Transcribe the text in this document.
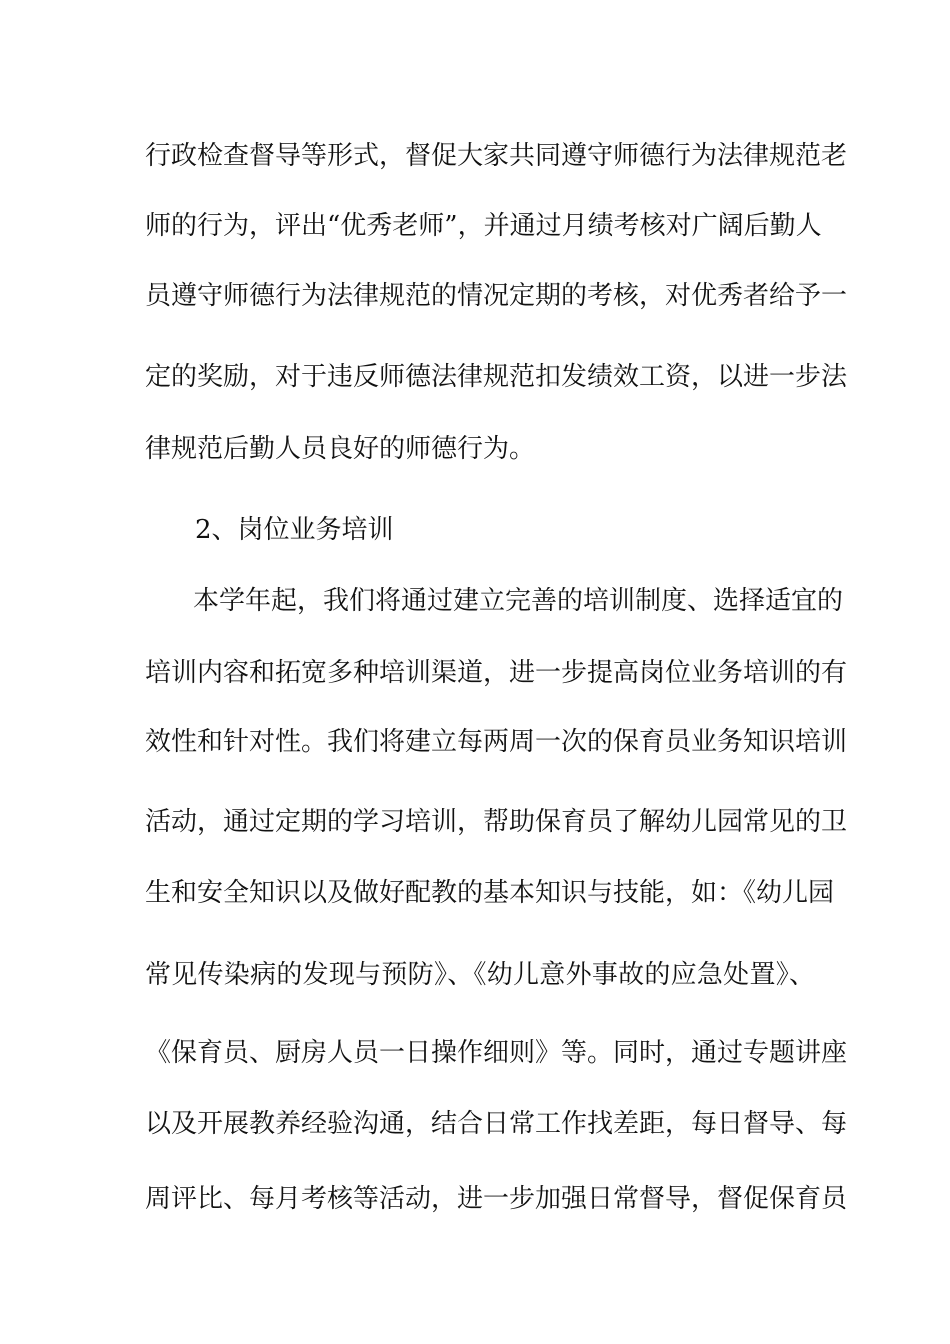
行政检查督导等形式，督促大家共同遵守师德行为法律规范老
师的行为，评出“优秀老师”，并通过月绩考核对广阔后勤人
员遵守师德行为法律规范的情况定期的考核，对优秀者给予一
定的奖励，对于违反师德法律规范扣发绩效工资，以进一步法
律规范后勤人员良好的师德行为。
2、岗位业务培训
本学年起，我们将通过建立完善的培训制度、选择适宜的
培训内容和拓宽多种培训渠道，进一步提高岗位业务培训的有
效性和针对性。我们将建立每两周一次的保育员业务知识培训
活动，通过定期的学习培训，帮助保育员了解幼儿园常见的卫
生和安全知识以及做好配教的基本知识与技能，如：《幼儿园
常见传染病的发现与预防》、《幼儿意外事故的应急处置》、
《保育员、厨房人员一日操作细则》等。同时，通过专题讲座
以及开展教养经验沟通，结合日常工作找差距，每日督导、每
周评比、每月考核等活动，进一步加强日常督导，督促保育员
